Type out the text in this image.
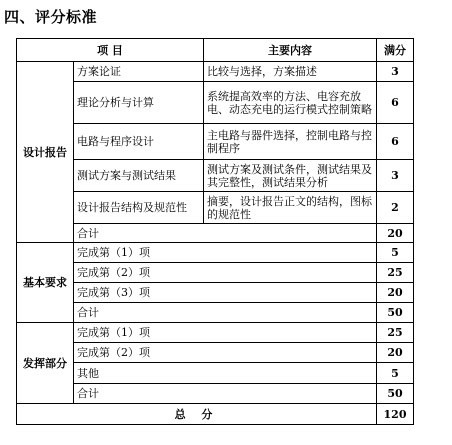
四、评分标准
项 目		主要内容	满分
设计报告	方案论证	比较与选择，方案描述	3
	理论分析与计算	系统提高效率的方法、电容充放电、动态充电的运行模式控制策略	6
	电路与程序设计	主电路与器件选择，控制电路与控制程序	6
	测试方案与测试结果	测试方案及测试条件，测试结果及其完整性，测试结果分析	3
	设计报告结构及规范性	摘要，设计报告正文的结构，图标的规范性	2
	合计		20
基本要求	完成第（1）项		5
	完成第（2）项		25
	完成第（3）项		20
	合计		50
发挥部分	完成第（1）项		25
	完成第（2）项		20
	其他		5
	合计		50
总 分			120
